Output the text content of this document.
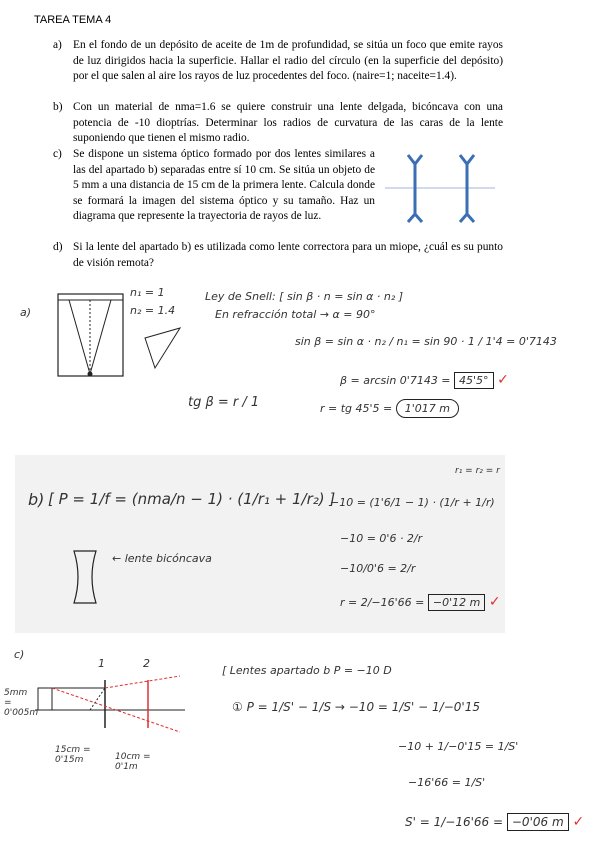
TAREA TEMA 4
a) En el fondo de un depósito de aceite de 1m de profundidad, se sitúa un foco que emite rayos de luz dirigidos hacia la superficie. Hallar el radio del círculo (en la superficie del depósito) por el que salen al aire los rayos de luz procedentes del foco. (naire=1; naceite=1.4).
b) Con un material de nma=1.6 se quiere construir una lente delgada, bicóncava con una potencia de -10 dioptrías. Determinar los radios de curvatura de las caras de la lente suponiendo que tienen el mismo radio.
c) Se dispone un sistema óptico formado por dos lentes similares a las del apartado b) separadas entre sí 10 cm. Se sitúa un objeto de 5 mm a una distancia de 15 cm de la primera lente. Calcula donde se formará la imagen del sistema óptico y su tamaño. Haz un diagrama que represente la trayectoria de rayos de luz.
d) Si la lente del apartado b) es utilizada como lente correctora para un miope, ¿cuál es su punto de visión remota?
a)
n₁ = 1
n₂ = 1.4
Ley de Snell: [ sin β · n = sin α · n₂ ]
En refracción total → α = 90°
sin β = sin α · n₂ / n₁ = sin 90 · 1 / 1'4 = 0'7143
β = arcsin 0'7143 = 45'5° ✓
tg β = r / 1	r = tg 45'5 = 1'017 m
b) [ P = 1/f = (nma/n − 1) · (1/r₁ + 1/r₂) ]
r₁ = r₂ = r
−10 = (1'6/1 − 1) · (1/r + 1/r)
−10 = 0'6 · 2/r
−10/0'6 = 2/r
r = 2/−16'66 = −0'12 m ✓
← lente bicóncava
c)
1	2
5mm = 0'005m
15cm = 0'15m	10cm = 0'1m
[ Lentes apartado b P = −10 D
① P = 1/S' − 1/S → −10 = 1/S' − 1/−0'15
−10 + 1/−0'15 = 1/S'
−16'66 = 1/S'
S' = 1/−16'66 = −0'06 m ✓
